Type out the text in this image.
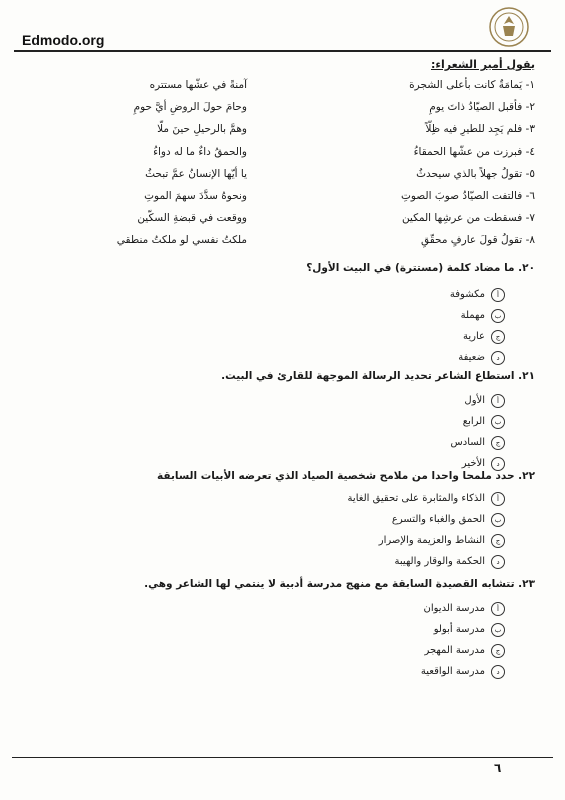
Edmodo.org
يقول أمير الشعراء:
١- يَمامَةٌ كانت بأعلى الشجرة
٢- فأقبل الصيّادُ ذاتَ يومِ
٣- فلم يَجِد للطيرِ فيه ظِلّاً
٤- فبرزت من عشّها الحمقاءُ
٥- تقولُ جهلاً بالذي سيحدثُ
٦- فالتفت الصيّادُ صوبَ الصوتِ
٧- فسقطت من عرشِها المكين
٨- تقولُ قولَ عارفٍ محقّقِ
آمنةً في عشّها مستتره
وحامَ حولَ الروضِ أيَّ حومِ
وهمَّ بالرحيلِ حينَ ملّا
والحمقُ داءٌ ما له دواءُ
يا أيّها الإنسانُ عمَّ تبحثُ
ونحوهُ سدَّدَ سهمَ الموتِ
ووقعت في قبضةِ السكّين
ملكتُ نفسي لو ملكتُ منطقي
٢٠. ما مضاد كلمة (مستترة) في البيت الأول؟
أ
مكشوفة
ب
مهملة
ج
عارية
د
ضعيفة
٢١. استطاع الشاعر تحديد الرسالة الموجهة للقارئ في البيت.
أ
الأول
ب
الرابع
ج
السادس
د
الأخير
٢٢. حدد ملمحا واحدا من ملامح شخصية الصياد الذي تعرضه الأبيات السابقة
أ
الذكاء والمثابرة على تحقيق الغاية
ب
الحمق والغباء والتسرع
ج
النشاط والعزيمة والإصرار
د
الحكمة والوقار والهيبة
٢٣. تتشابه القصيدة السابقة مع منهج مدرسة أدبية لا ينتمي لها الشاعر وهي.
أ
مدرسة الديوان
ب
مدرسة أبولو
ج
مدرسة المهجر
د
مدرسة الواقعية
٦
